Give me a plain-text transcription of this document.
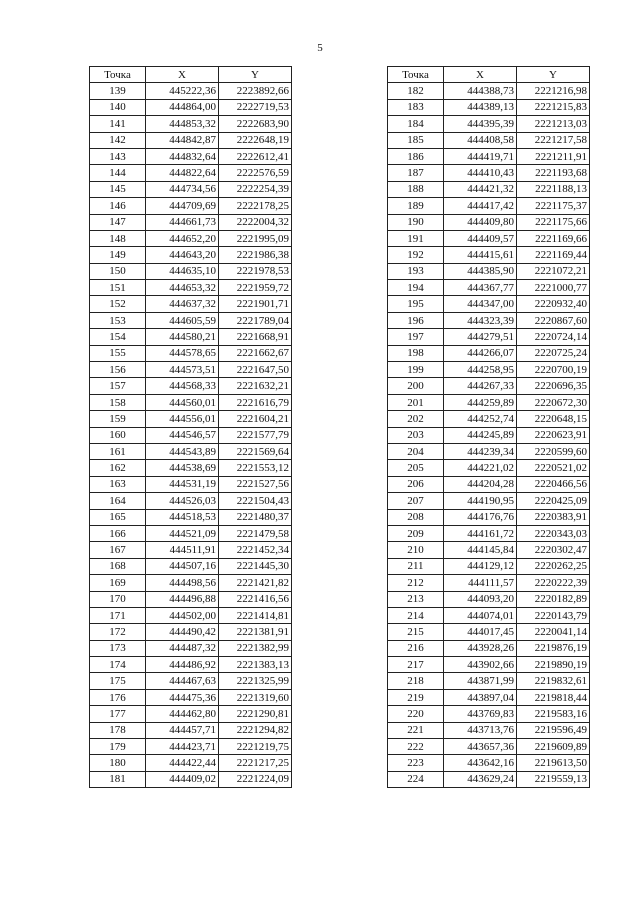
5
Точка	X	Y
139	445222,36	2223892,66
140	444864,00	2222719,53
141	444853,32	2222683,90
142	444842,87	2222648,19
143	444832,64	2222612,41
144	444822,64	2222576,59
145	444734,56	2222254,39
146	444709,69	2222178,25
147	444661,73	2222004,32
148	444652,20	2221995,09
149	444643,20	2221986,38
150	444635,10	2221978,53
151	444653,32	2221959,72
152	444637,32	2221901,71
153	444605,59	2221789,04
154	444580,21	2221668,91
155	444578,65	2221662,67
156	444573,51	2221647,50
157	444568,33	2221632,21
158	444560,01	2221616,79
159	444556,01	2221604,21
160	444546,57	2221577,79
161	444543,89	2221569,64
162	444538,69	2221553,12
163	444531,19	2221527,56
164	444526,03	2221504,43
165	444518,53	2221480,37
166	444521,09	2221479,58
167	444511,91	2221452,34
168	444507,16	2221445,30
169	444498,56	2221421,82
170	444496,88	2221416,56
171	444502,00	2221414,81
172	444490,42	2221381,91
173	444487,32	2221382,99
174	444486,92	2221383,13
175	444467,63	2221325,99
176	444475,36	2221319,60
177	444462,80	2221290,81
178	444457,71	2221294,82
179	444423,71	2221219,75
180	444422,44	2221217,25
181	444409,02	2221224,09
Точка	X	Y
182	444388,73	2221216,98
183	444389,13	2221215,83
184	444395,39	2221213,03
185	444408,58	2221217,58
186	444419,71	2221211,91
187	444410,43	2221193,68
188	444421,32	2221188,13
189	444417,42	2221175,37
190	444409,80	2221175,66
191	444409,57	2221169,66
192	444415,61	2221169,44
193	444385,90	2221072,21
194	444367,77	2221000,77
195	444347,00	2220932,40
196	444323,39	2220867,60
197	444279,51	2220724,14
198	444266,07	2220725,24
199	444258,95	2220700,19
200	444267,33	2220696,35
201	444259,89	2220672,30
202	444252,74	2220648,15
203	444245,89	2220623,91
204	444239,34	2220599,60
205	444221,02	2220521,02
206	444204,28	2220466,56
207	444190,95	2220425,09
208	444176,76	2220383,91
209	444161,72	2220343,03
210	444145,84	2220302,47
211	444129,12	2220262,25
212	444111,57	2220222,39
213	444093,20	2220182,89
214	444074,01	2220143,79
215	444017,45	2220041,14
216	443928,26	2219876,19
217	443902,66	2219890,19
218	443871,99	2219832,61
219	443897,04	2219818,44
220	443769,83	2219583,16
221	443713,76	2219596,49
222	443657,36	2219609,89
223	443642,16	2219613,50
224	443629,24	2219559,13
